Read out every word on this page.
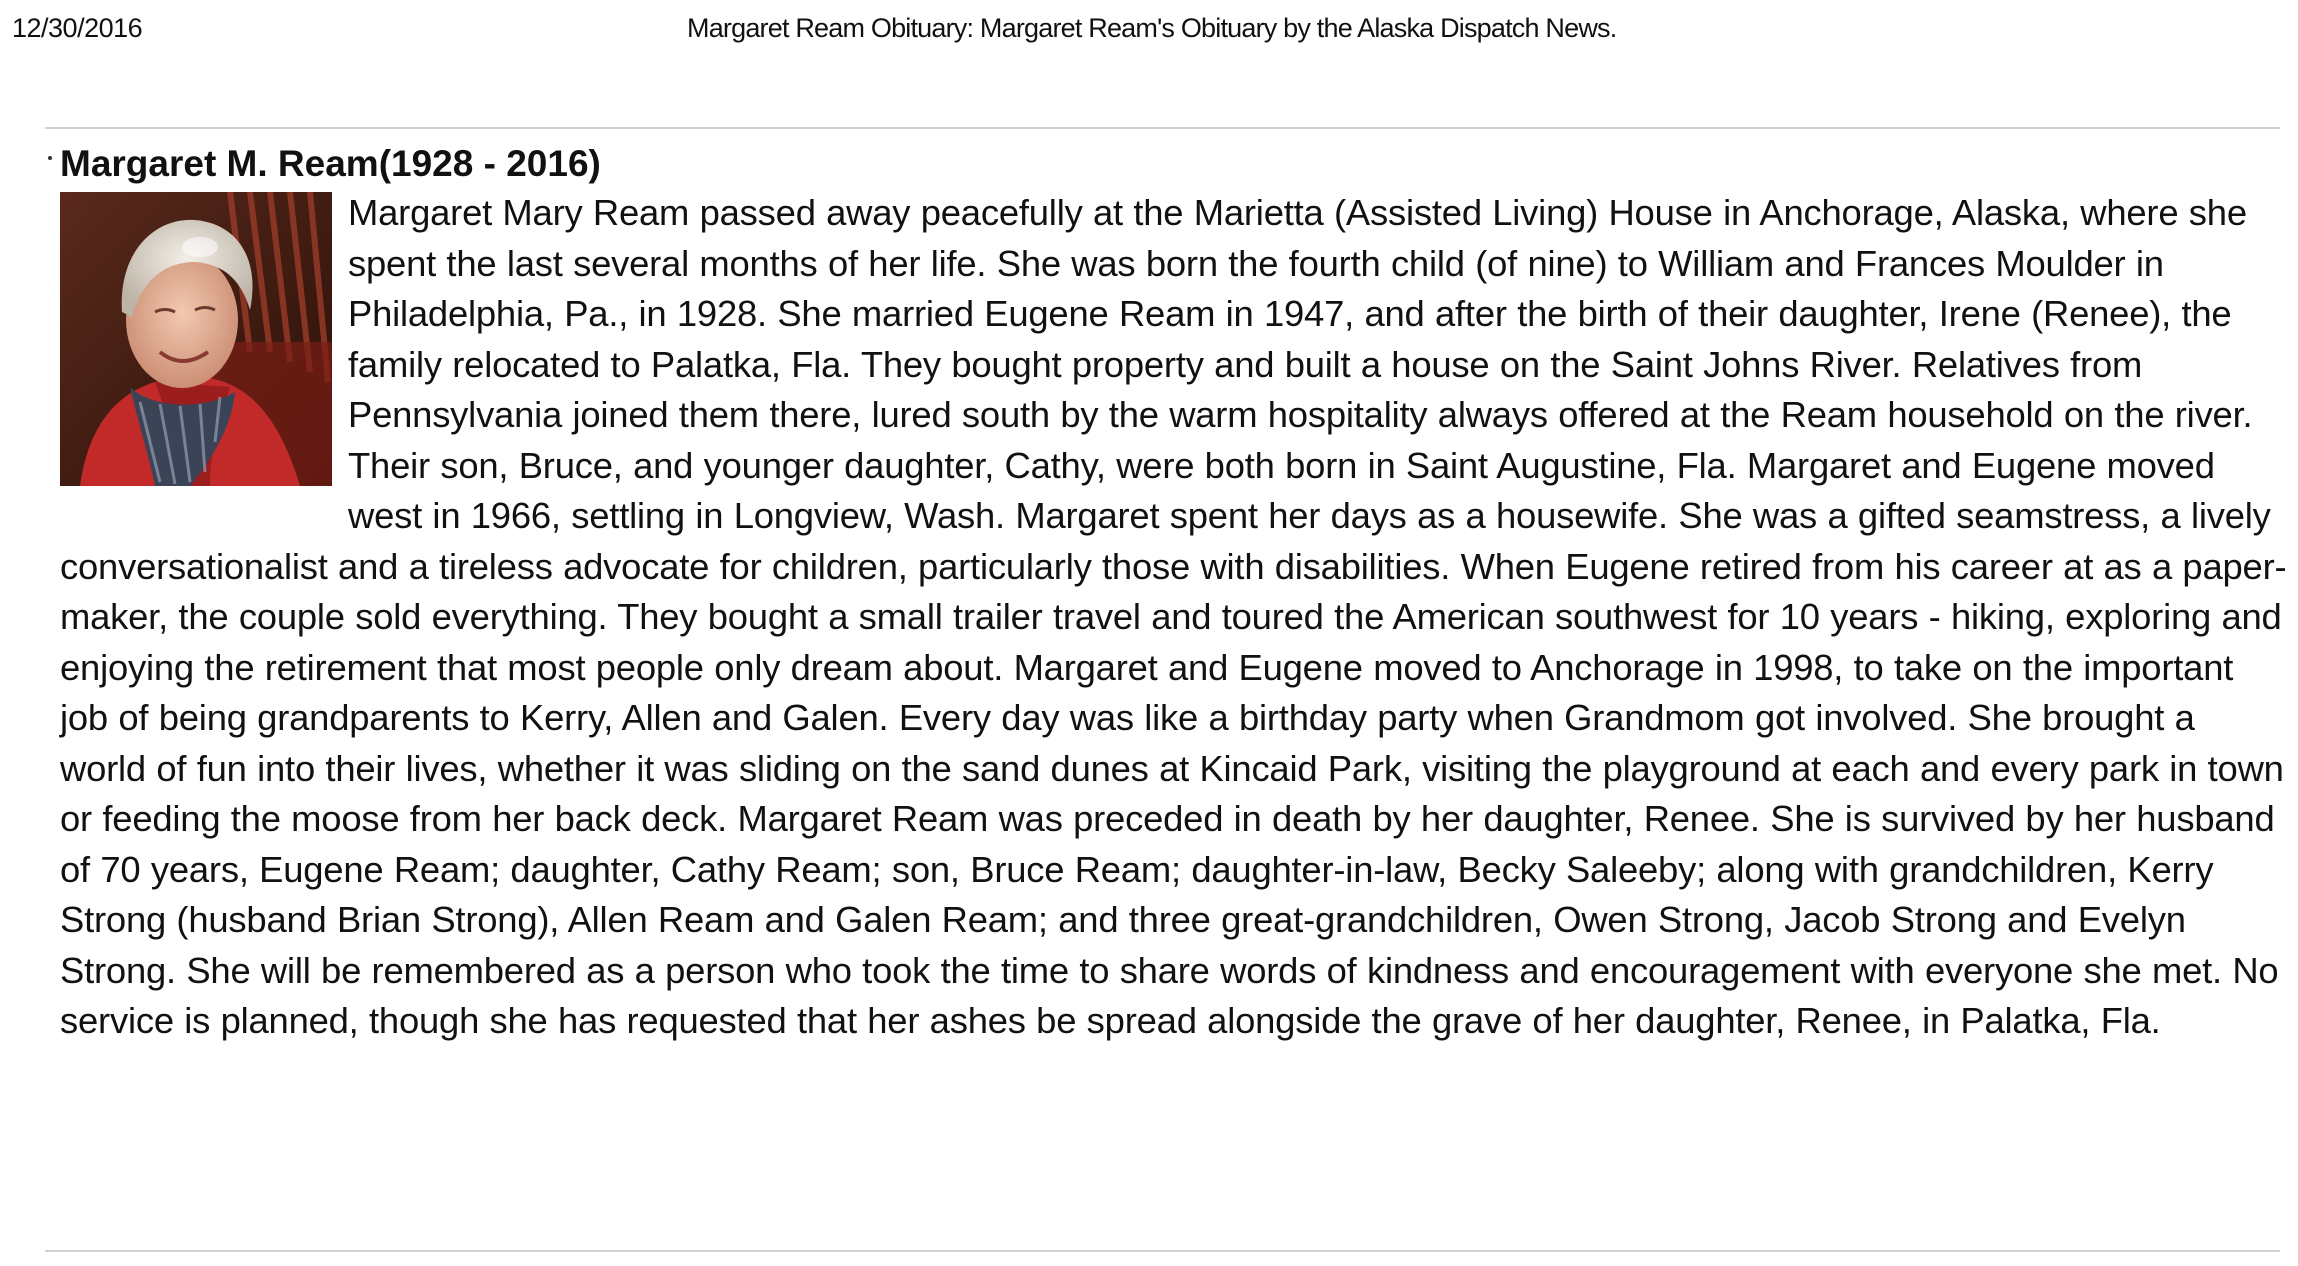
12/30/2016	Margaret Ream Obituary: Margaret Ream's Obituary by the Alaska Dispatch News.
Margaret M. Ream(1928 - 2016)

Margaret Mary Ream passed away peacefully at the Marietta (Assisted Living) House in Anchorage, Alaska, where she spent the last several months of her life. She was born the fourth child (of nine) to William and Frances Moulder in Philadelphia, Pa., in 1928. She married Eugene Ream in 1947, and after the birth of their daughter, Irene (Renee), the family relocated to Palatka, Fla. They bought property and built a house on the Saint Johns River. Relatives from Pennsylvania joined them there, lured south by the warm hospitality always offered at the Ream household on the river. Their son, Bruce, and younger daughter, Cathy, were both born in Saint Augustine, Fla. Margaret and Eugene moved west in 1966, settling in Longview, Wash. Margaret spent her days as a housewife. She was a gifted seamstress, a lively conversationalist and a tireless advocate for children, particularly those with disabilities. When Eugene retired from his career at as a paper-maker, the couple sold everything. They bought a small trailer travel and toured the American southwest for 10 years - hiking, exploring and enjoying the retirement that most people only dream about. Margaret and Eugene moved to Anchorage in 1998, to take on the important job of being grandparents to Kerry, Allen and Galen. Every day was like a birthday party when Grandmom got involved. She brought a world of fun into their lives, whether it was sliding on the sand dunes at Kincaid Park, visiting the playground at each and every park in town or feeding the moose from her back deck. Margaret Ream was preceded in death by her daughter, Renee. She is survived by her husband of 70 years, Eugene Ream; daughter, Cathy Ream; son, Bruce Ream; daughter-in-law, Becky Saleeby; along with grandchildren, Kerry Strong (husband Brian Strong), Allen Ream and Galen Ream; and three great-grandchildren, Owen Strong, Jacob Strong and Evelyn Strong. She will be remembered as a person who took the time to share words of kindness and encouragement with everyone she met. No service is planned, though she has requested that her ashes be spread alongside the grave of her daughter, Renee, in Palatka, Fla.
